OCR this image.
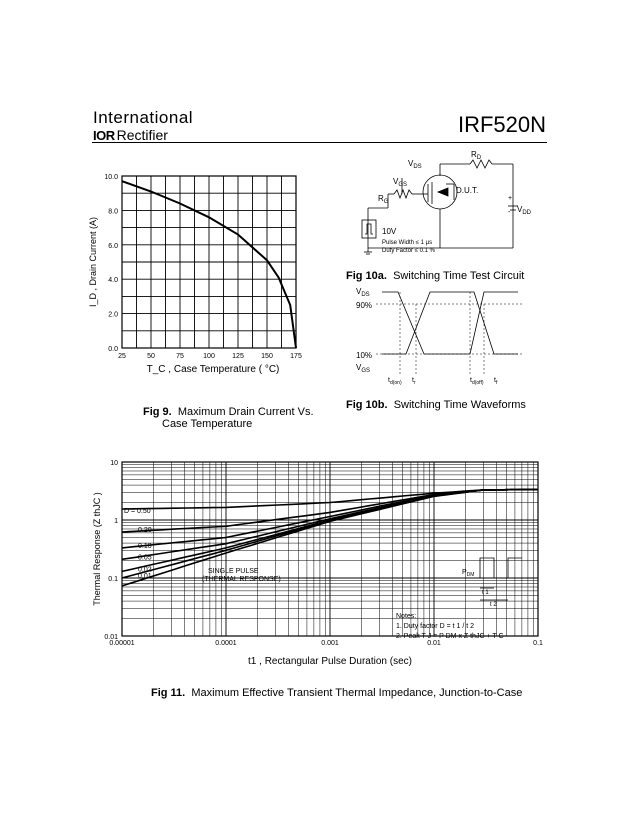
International
IOR Rectifier	IRF520N
25	50	75	100 125 150 175
0.0
2.0
4.0
6.0
8.0
10.0
I_D , Drain Current (A)
T_C , Case Temperature ( °C)
Fig 9. Maximum Drain Current Vs.
Case Temperature
$V_{DS}$
$R_D$
$V_{GS}$
$R_G$
D.U.T.
+
- $V_{DD}$
10V
Pulse Width ≤ 1 µs
Duty Factor ≤ 0.1 %
Fig 10a. Switching Time Test Circuit
$V_{DS}$
90%
10%
$V_{GS}$
$t_{d(on)}$ $t_r$	$t_{d(off)}$ $t_f$
Fig 10b. Switching Time Waveforms
D = 0.50
0.20
0.10
0.05
0.02
0.01
0.00001	0.0001	0.001	0.01	0.1
0.01
0.1
1
10
SINGLE PULSE
(THERMAL RESPONSE)
$P_{DM}$
t 1
t 2
Notes:
1. Duty factor D = t 1 / t 2
2. Peak T J = P DM x Z thJC + T C
Thermal Response (Z thJC )
t1 , Rectangular Pulse Duration (sec)
Fig 11. Maximum Effective Transient Thermal Impedance, Junction-to-Case
